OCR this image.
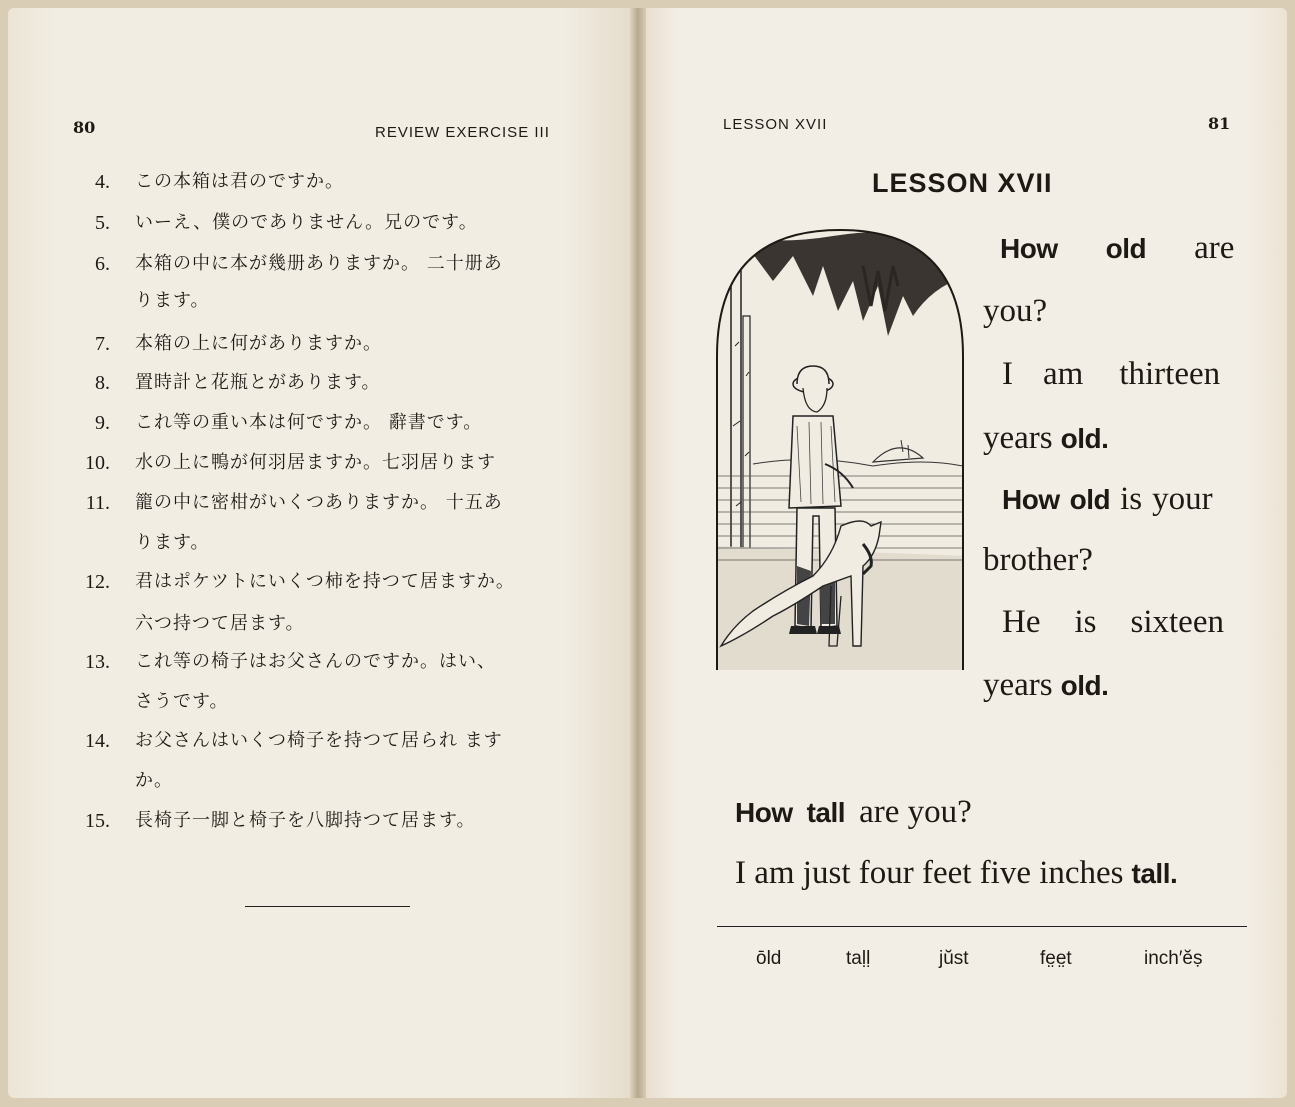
80	REVIEW EXERCISE III
4. この本箱は君のですか。
5. いーえ、僕のでありません。兄のです。
6. 本箱の中に本が幾册ありますか。 二十册あ
ります。
7. 本箱の上に何がありますか。
8. 置時計と花瓶とがあります。
9. これ等の重い本は何ですか。 辭書です。
10. 水の上に鴨が何羽居ますか。七羽居ります
11. 籠の中に密柑がいくつありますか。 十五あ
ります。
12. 君はポケツトにいくつ柿を持つて居ますか。
六つ持つて居ます。
13. これ等の椅子はお父さんのですか。はい、
さうです。
14. お父さんはいくつ椅子を持つて居られ ます
か。
15. 長椅子一脚と椅子を八脚持つて居ます。
LESSON XVII	81
LESSON XVII
How old are
you?
I am thirteen
years old.
How old is your
brother?
He is sixteen
years old.
How tall are you?
I am just four feet five inches tall.
ōld	taḷḷ	jŭst	fe̤e̤t	inch′ĕṣ
